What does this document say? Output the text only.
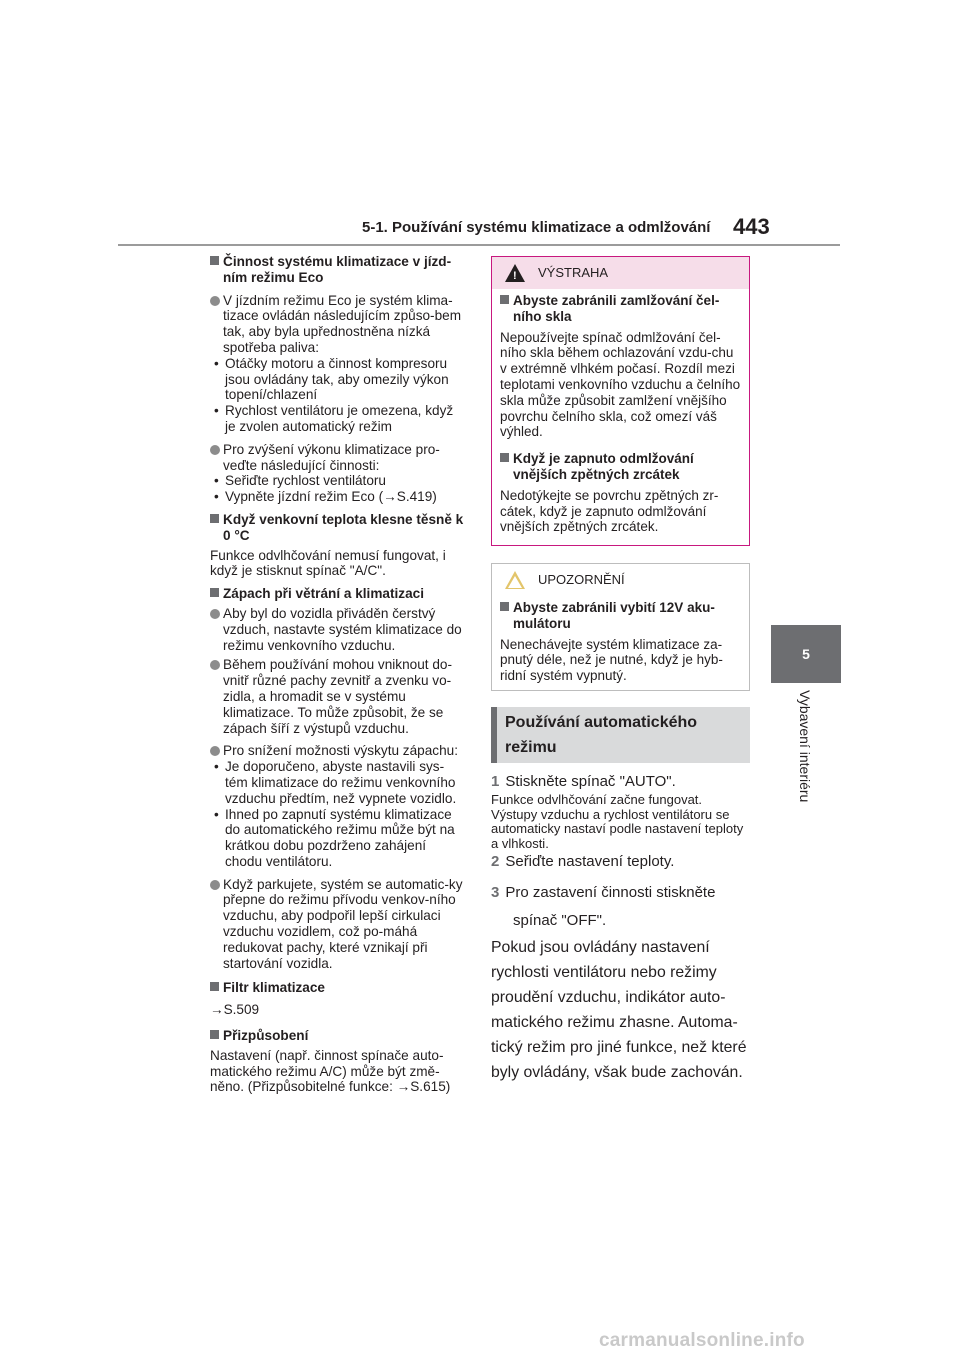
5-1. Používání systému klimatizace a odmlžování 443
5
Vybavení interiéru

Činnost systému klimatizace v jízd-ním režimu Eco

V jízdním režimu Eco je systém klima-tizace ovládán následujícím způso-bem tak, aby byla upřednostněna nízká spotřeba paliva:

• Otáčky motoru a činnost kompresoru jsou ovládány tak, aby omezily výkon topení/chlazení

• Rychlost ventilátoru je omezena, když je zvolen automatický režim

Pro zvýšení výkonu klimatizace pro-veďte následující činnosti:

• Seřiďte rychlost ventilátoru

• Vypněte jízdní režim Eco (→S.419)

Když venkovní teplota klesne těsně k 0 °C

Funkce odvlhčování nemusí fungovat, i když je stisknut spínač "A/C".

Zápach při větrání a klimatizaci

Aby byl do vozidla přiváděn čerstvý vzduch, nastavte systém klimatizace do režimu venkovního vzduchu.

Během používání mohou vniknout do-vnitř různé pachy zevnitř a zvenku vo-zidla, a hromadit se v systému klimatizace. To může způsobit, že se zápach šíří z výstupů vzduchu.

Pro snížení možnosti výskytu zápachu:

• Je doporučeno, abyste nastavili sys-tém klimatizace do režimu venkovního vzduchu předtím, než vypnete vozidlo.

• Ihned po zapnutí systému klimatizace do automatického režimu může být na krátkou dobu pozdrženo zahájení chodu ventilátoru.

Když parkujete, systém se automatic-ky přepne do režimu přívodu venkov-ního vzduchu, aby podpořil lepší cirkulaci vzduchu vozidlem, což po-máhá redukovat pachy, které vznikají při startování vozidla.

Filtr klimatizace

→S.509

Přizpůsobení

Nastavení (např. činnost spínače auto-matického režimu A/C) může být změ-něno. (Přizpůsobitelné funkce: →S.615)

! VÝSTRAHA

Abyste zabránili zamlžování čel-ního skla

Nepoužívejte spínač odmlžování čel-ního skla během ochlazování vzdu-chu v extrémně vlhkém počasí. Rozdíl mezi teplotami venkovního vzduchu a čelního skla může způsobit zamlžení vnějšího povrchu čelního skla, což omezí váš výhled.

Když je zapnuto odmlžování vnějších zpětných zrcátek

Nedotýkejte se povrchu zpětných zr-cátek, když je zapnuto odmlžování vnějších zpětných zrcátek.

UPOZORNĚNÍ

Abyste zabránili vybití 12V aku-mulátoru

Nenechávejte systém klimatizace za-pnutý déle, než je nutné, když je hyb-ridní systém vypnutý.

Používání automatického režimu

1 Stiskněte spínač "AUTO".

Funkce odvlhčování začne fungovat. Výstupy vzduchu a rychlost ventilátoru se automaticky nastaví podle nastavení teploty a vlhkosti.

2 Seřiďte nastavení teploty.

3 Pro zastavení činnosti stiskněte spínač "OFF".

Pokud jsou ovládány nastavení rychlosti ventilátoru nebo režimy proudění vzduchu, indikátor auto-matického režimu zhasne. Automa-tický režim pro jiné funkce, než které byly ovládány, však bude zachován.

carmanualsonline.info
